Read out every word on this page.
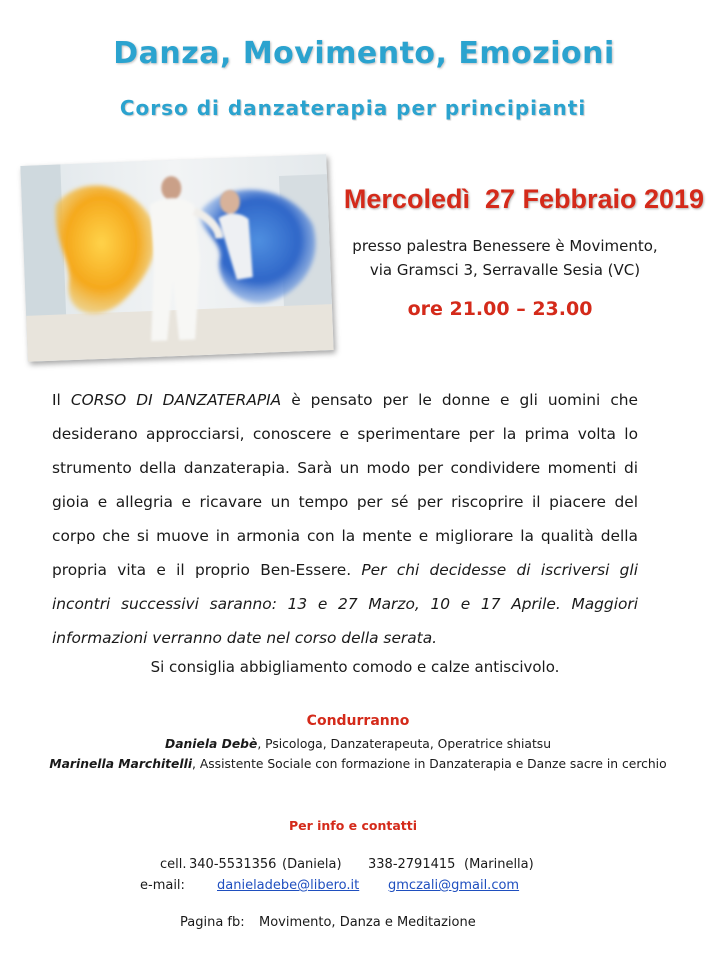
Danza, Movimento, Emozioni
Corso di danzaterapia per principianti
Mercoledì  27 Febbraio 2019
presso palestra Benessere è Movimento,
via Gramsci 3, Serravalle Sesia (VC)
ore 21.00 – 23.00
Il CORSO DI DANZATERAPIA è pensato per le donne e gli uomini che desiderano approcciarsi, conoscere e sperimentare per la prima volta lo strumento della danzaterapia. Sarà un modo per condividere momenti di gioia e allegria e ricavare un tempo per sé per riscoprire il piacere del corpo che si muove in armonia con la mente e migliorare la qualità della propria vita e il proprio Ben-Essere. Per chi decidesse di iscriversi gli incontri successivi saranno: 13 e 27 Marzo, 10 e 17 Aprile. Maggiori informazioni verranno date nel corso della serata.
Si consiglia abbigliamento comodo e calze antiscivolo.
Condurranno
Daniela Debè, Psicologa, Danzaterapeuta, Operatrice shiatsu
Marinella Marchitelli, Assistente Sociale con formazione in Danzaterapia e Danze sacre in cerchio
Per info e contatti
cell. 340-5531356 (Daniela) 338-2791415 (Marinella)
e-mail: danieladebe@libero.it gmczali@gmail.com
Pagina fb: Movimento, Danza e Meditazione
